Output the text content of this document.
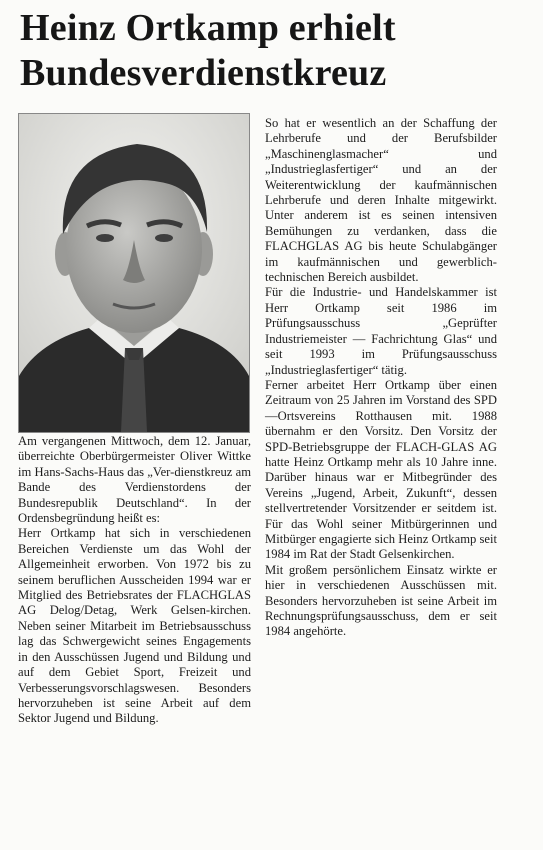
Heinz Ortkamp erhielt
Bundesverdienstkreuz

Am vergangenen Mittwoch, dem 12. Januar, überreichte Oberbürgermeister Oliver Wittke im Hans-Sachs-Haus das „Ver-dienstkreuz am Bande des Verdienstordens der Bundesrepublik Deutschland“. In der Ordensbegründung heißt es:

Herr Ortkamp hat sich in verschiedenen Bereichen Verdienste um das Wohl der Allgemeinheit erworben. Von 1972 bis zu seinem beruflichen Ausscheiden 1994 war er Mitglied des Betriebsrates der FLACHGLAS AG Delog/Detag, Werk Gelsen-kirchen. Neben seiner Mitarbeit im Betriebsausschuss lag das Schwergewicht seines Engagements in den Ausschüssen Jugend und Bildung und auf dem Gebiet Sport, Freizeit und Verbesserungsvorschlagswesen. Besonders hervorzuheben ist seine Arbeit auf dem Sektor Jugend und Bildung.

So hat er wesentlich an der Schaffung der Lehrberufe und der Berufsbilder „Maschinenglasmacher“ und „Industrieglasfertiger“ und an der Weiterentwicklung der kaufmännischen Lehrberufe und deren Inhalte mitgewirkt. Unter anderem ist es seinen intensiven Bemühungen zu verdanken, dass die FLACHGLAS AG bis heute Schulabgänger im kaufmännischen und gewerblich-technischen Bereich ausbildet.

Für die Industrie- und Handelskammer ist Herr Ortkamp seit 1986 im Prüfungsausschuss „Geprüfter Industriemeister — Fachrichtung Glas“ und seit 1993 im Prüfungsausschuss „Industrieglasfertiger“ tätig.

Ferner arbeitet Herr Ortkamp über einen Zeitraum von 25 Jahren im Vorstand des SPD—Ortsvereins Rotthausen mit. 1988 übernahm er den Vorsitz. Den Vorsitz der SPD-Betriebsgruppe der FLACH-GLAS AG hatte Heinz Ortkamp mehr als 10 Jahre inne. Darüber hinaus war er Mitbegründer des Vereins „Jugend, Arbeit, Zukunft“, dessen stellvertretender Vorsitzender er seitdem ist. Für das Wohl seiner Mitbürgerinnen und Mitbürger engagierte sich Heinz Ortkamp seit 1984 im Rat der Stadt Gelsenkirchen.

Mit großem persönlichem Einsatz wirkte er hier in verschiedenen Ausschüssen mit. Besonders hervorzuheben ist seine Arbeit im Rechnungsprüfungsausschuss, dem er seit 1984 angehörte.
